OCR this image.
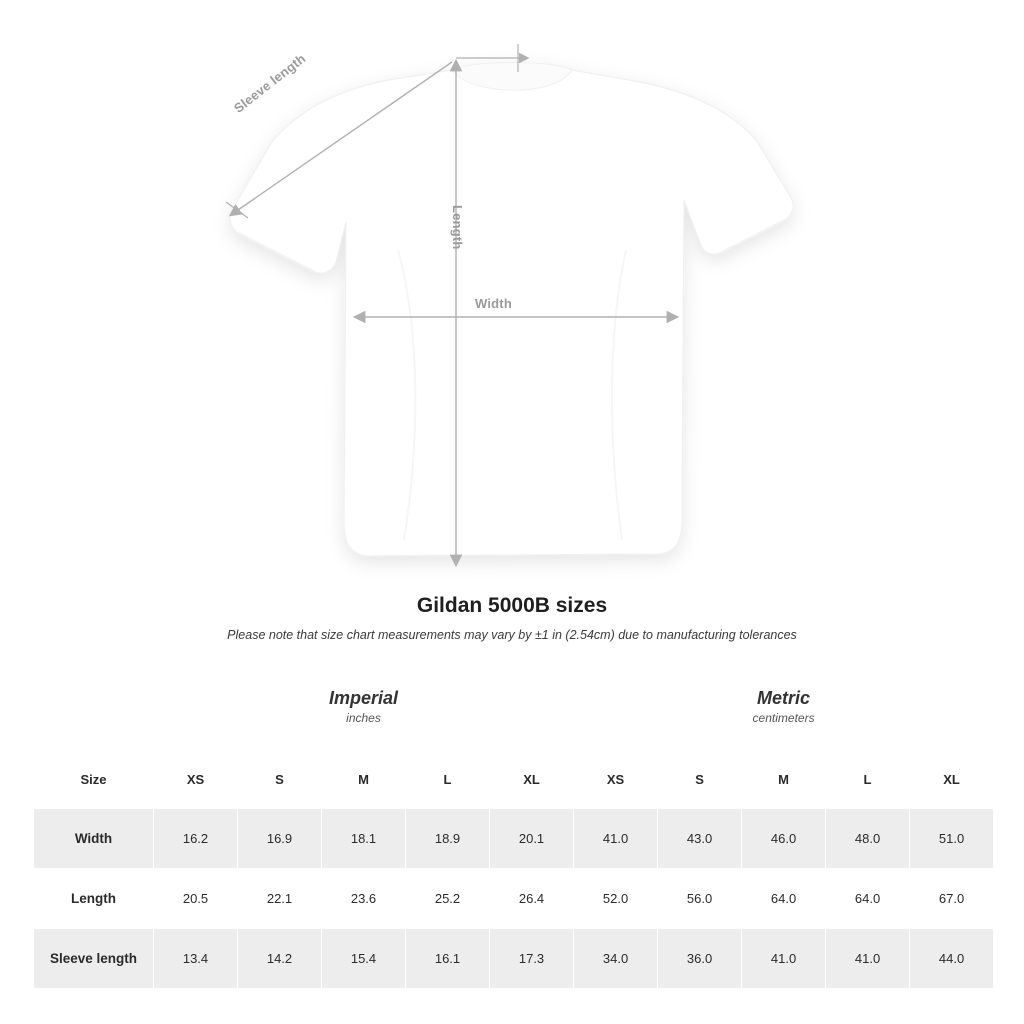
Width
Length
Sleeve length
Gildan 5000B sizes

Please note that size chart measurements may vary by ±1 in (2.54cm) due to manufacturing tolerances

Imperial
inches

Metric
centimeters

Size	XS	S	M	L	XL	XS	S	M	L	XL
Width	16.2	16.9	18.1	18.9	20.1	41.0	43.0	46.0	48.0	51.0
Length	20.5	22.1	23.6	25.2	26.4	52.0	56.0	64.0	64.0	67.0
Sleeve length	13.4	14.2	15.4	16.1	17.3	34.0	36.0	41.0	41.0	44.0
